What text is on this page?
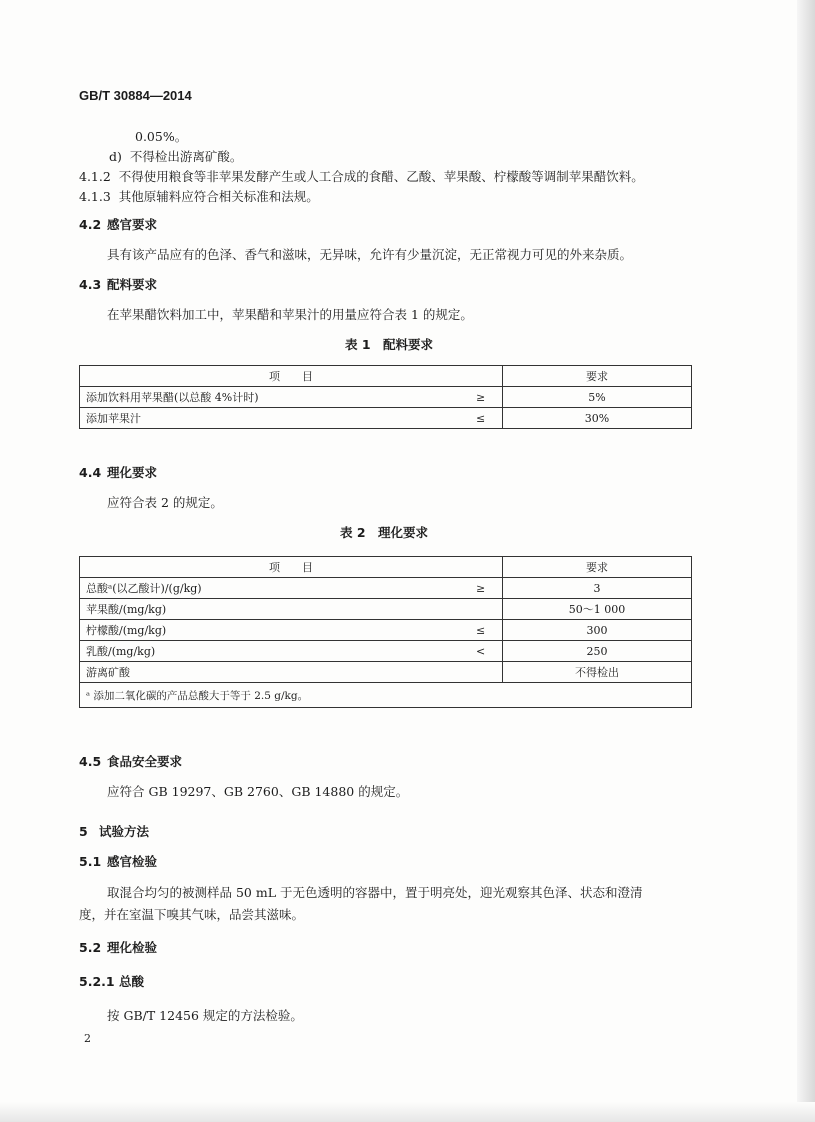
GB/T 30884—2014
0.05%。
d) 不得检出游离矿酸。
4.1.2 不得使用粮食等非苹果发酵产生或人工合成的食醋、乙酸、苹果酸、柠檬酸等调制苹果醋饮料。
4.1.3 其他原辅料应符合相关标准和法规。
4.2 感官要求
具有该产品应有的色泽、香气和滋味，无异味，允许有少量沉淀，无正常视力可见的外来杂质。
4.3 配料要求
在苹果醋饮料加工中，苹果醋和苹果汁的用量应符合表 1 的规定。
表 1　配料要求
项　　目		要求
添加饮料用苹果醋(以总酸 4%计时)	≥	5%
添加苹果汁	≤	30%
4.4 理化要求
应符合表 2 的规定。
表 2　理化要求
项　　目		要求
总酸ᵃ(以乙酸计)/(g/kg)	≥	3
苹果酸/(mg/kg)		50～1 000
柠檬酸/(mg/kg)	≤	300
乳酸/(mg/kg)	<	250
游离矿酸		不得检出
ᵃ 添加二氧化碳的产品总酸大于等于 2.5 g/kg。		
4.5 食品安全要求
应符合 GB 19297、GB 2760、GB 14880 的规定。
5 试验方法
5.1 感官检验
取混合均匀的被测样品 50 mL 于无色透明的容器中，置于明亮处，迎光观察其色泽、状态和澄清
度，并在室温下嗅其气味，品尝其滋味。
5.2 理化检验
5.2.1 总酸
按 GB/T 12456 规定的方法检验。
2
